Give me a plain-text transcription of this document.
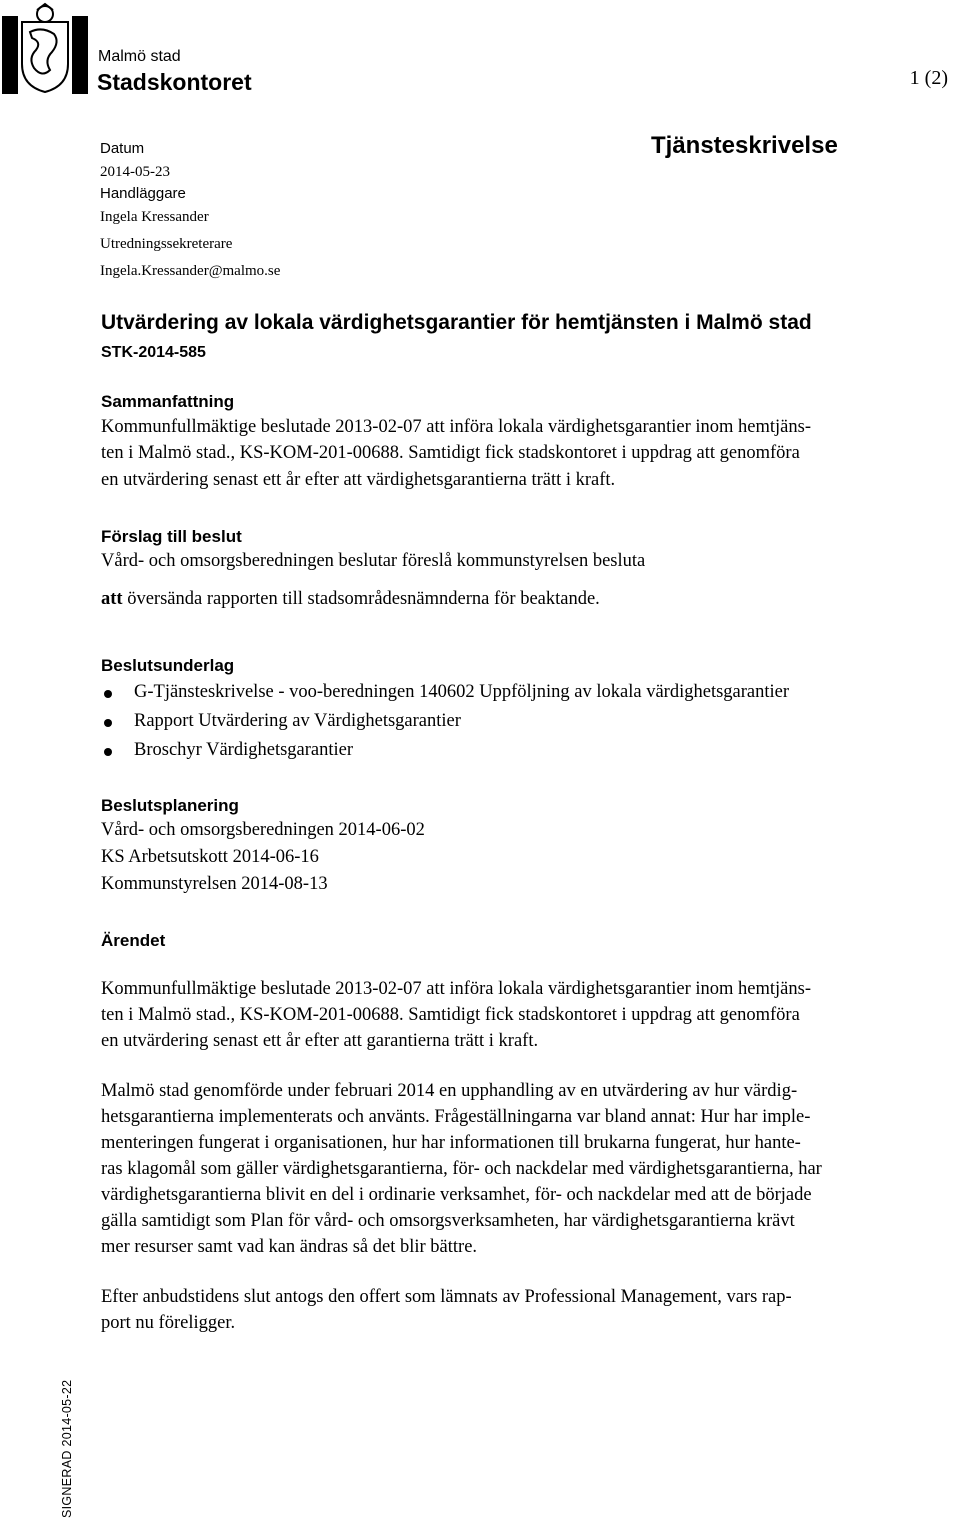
Malmö stad
Stadskontoret	1 (2)
Datum
2014-05-23
Handläggare
Ingela Kressander
Utredningssekreterare
Ingela.Kressander@malmo.se
Tjänsteskrivelse
Utvärdering av lokala värdighetsgarantier för hemtjänsten i Malmö stad
STK-2014-585
Sammanfattning
Kommunfullmäktige beslutade 2013-02-07 att införa lokala värdighetsgarantier inom hemtjäns-
ten i Malmö stad., KS-KOM-201-00688. Samtidigt fick stadskontoret i uppdrag att genomföra
en utvärdering senast ett år efter att värdighetsgarantierna trätt i kraft.
Förslag till beslut
Vård- och omsorgsberedningen beslutar föreslå kommunstyrelsen besluta
att översända rapporten till stadsområdesnämnderna för beaktande.
Beslutsunderlag
G-Tjänsteskrivelse - voo-beredningen 140602 Uppföljning av lokala värdighetsgarantier
Rapport Utvärdering av Värdighetsgarantier
Broschyr Värdighetsgarantier
Beslutsplanering
Vård- och omsorgsberedningen 2014-06-02
KS Arbetsutskott 2014-06-16
Kommunstyrelsen 2014-08-13
Ärendet
Kommunfullmäktige beslutade 2013-02-07 att införa lokala värdighetsgarantier inom hemtjäns-
ten i Malmö stad., KS-KOM-201-00688. Samtidigt fick stadskontoret i uppdrag att genomföra
en utvärdering senast ett år efter att garantierna trätt i kraft.
Malmö stad genomförde under februari 2014 en upphandling av en utvärdering av hur värdig-
hetsgarantierna implementerats och använts. Frågeställningarna var bland annat: Hur har imple-
menteringen fungerat i organisationen, hur har informationen till brukarna fungerat, hur hante-
ras klagomål som gäller värdighetsgarantierna, för- och nackdelar med värdighetsgarantierna, har
värdighetsgarantierna blivit en del i ordinarie verksamhet, för- och nackdelar med att de började
gälla samtidigt som Plan för vård- och omsorgsverksamheten, har värdighetsgarantierna krävt
mer resurser samt vad kan ändras så det blir bättre.
Efter anbudstidens slut antogs den offert som lämnats av Professional Management, vars rap-
port nu föreligger.
SIGNERAD 2014-05-22
